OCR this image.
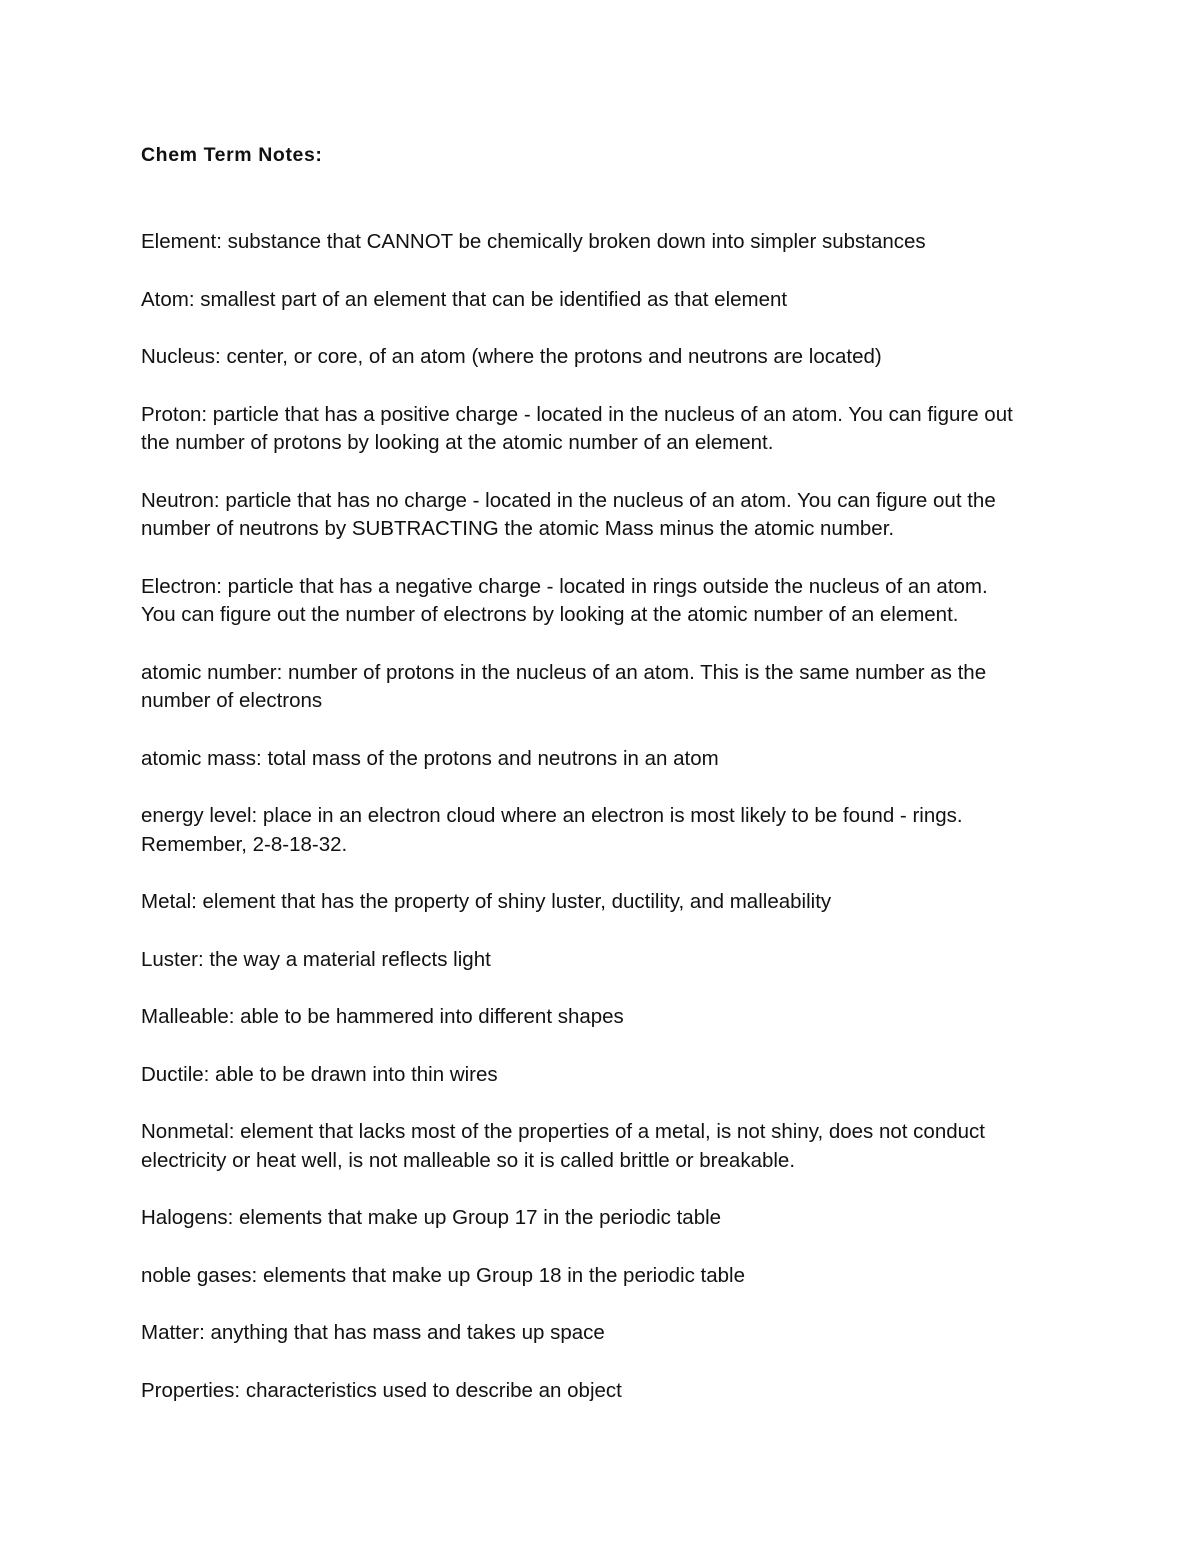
Chem Term Notes:

Element: substance that CANNOT be chemically broken down into simpler substances

Atom: smallest part of an element that can be identified as that element

Nucleus: center, or core, of an atom (where the protons and neutrons are located)

Proton: particle that has a positive charge - located in the nucleus of an atom. You can figure out
the number of protons by looking at the atomic number of an element.

Neutron: particle that has no charge - located in the nucleus of an atom. You can figure out the
number of neutrons by SUBTRACTING the atomic Mass minus the atomic number.

Electron: particle that has a negative charge - located in rings outside the nucleus of an atom.
You can figure out the number of electrons by looking at the atomic number of an element.

atomic number: number of protons in the nucleus of an atom. This is the same number as the
number of electrons

atomic mass: total mass of the protons and neutrons in an atom

energy level: place in an electron cloud where an electron is most likely to be found - rings.
Remember, 2-8-18-32.

Metal: element that has the property of shiny luster, ductility, and malleability

Luster: the way a material reflects light

Malleable: able to be hammered into different shapes

Ductile: able to be drawn into thin wires

Nonmetal: element that lacks most of the properties of a metal, is not shiny, does not conduct
electricity or heat well, is not malleable so it is called brittle or breakable.

Halogens: elements that make up Group 17 in the periodic table

noble gases: elements that make up Group 18 in the periodic table

Matter: anything that has mass and takes up space

Properties: characteristics used to describe an object
